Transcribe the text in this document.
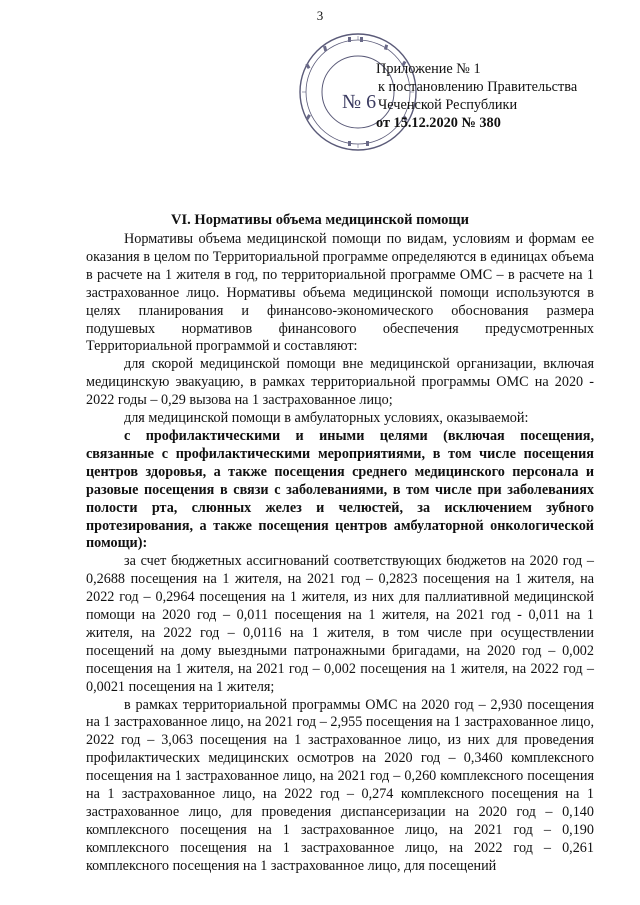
3
№ 6
Приложение № 1
к постановлению Правительства
Чеченской Республики
от 15.12.2020 № 380
VI. Нормативы объема медицинской помощи

Нормативы объема медицинской помощи по видам, условиям и формам ее оказания в целом по Территориальной программе определяются в единицах объема в расчете на 1 жителя в год, по территориальной программе ОМС – в расчете на 1 застрахованное лицо. Нормативы объема медицинской помощи используются в целях планирования и финансово-экономического обоснования размера подушевых нормативов финансового обеспечения предусмотренных Территориальной программой и составляют:

для скорой медицинской помощи вне медицинской организации, включая медицинскую эвакуацию, в рамках территориальной программы ОМС на 2020 - 2022 годы – 0,29 вызова на 1 застрахованное лицо;

для медицинской помощи в амбулаторных условиях, оказываемой:

с профилактическими и иными целями (включая посещения, связанные с профилактическими мероприятиями, в том числе посещения центров здоровья, а также посещения среднего медицинского персонала и разовые посещения в связи с заболеваниями, в том числе при заболеваниях полости рта, слюнных желез и челюстей, за исключением зубного протезирования, а также посещения центров амбулаторной онкологической помощи):

за счет бюджетных ассигнований соответствующих бюджетов на 2020 год – 0,2688 посещения на 1 жителя, на 2021 год – 0,2823 посещения на 1 жителя, на 2022 год – 0,2964 посещения на 1 жителя, из них для паллиативной медицинской помощи на 2020 год – 0,011 посещения на 1 жителя, на 2021 год - 0,011 на 1 жителя, на 2022 год – 0,0116 на 1 жителя, в том числе при осуществлении посещений на дому выездными патронажными бригадами, на 2020 год – 0,002 посещения на 1 жителя, на 2021 год – 0,002 посещения на 1 жителя, на 2022 год – 0,0021 посещения на 1 жителя;

в рамках территориальной программы ОМС на 2020 год – 2,930 посещения на 1 застрахованное лицо, на 2021 год – 2,955 посещения на 1 застрахованное лицо, 2022 год – 3,063 посещения на 1 застрахованное лицо, из них для проведения профилактических медицинских осмотров на 2020 год – 0,3460 комплексного посещения на 1 застрахованное лицо, на 2021 год – 0,260 комплексного посещения на 1 застрахованное лицо, на 2022 год – 0,274 комплексного посещения на 1 застрахованное лицо, для проведения диспансеризации на 2020 год – 0,140 комплексного посещения на 1 застрахованное лицо, на 2021 год – 0,190 комплексного посещения на 1 застрахованное лицо, на 2022 год – 0,261 комплексного посещения на 1 застрахованное лицо, для посещений
